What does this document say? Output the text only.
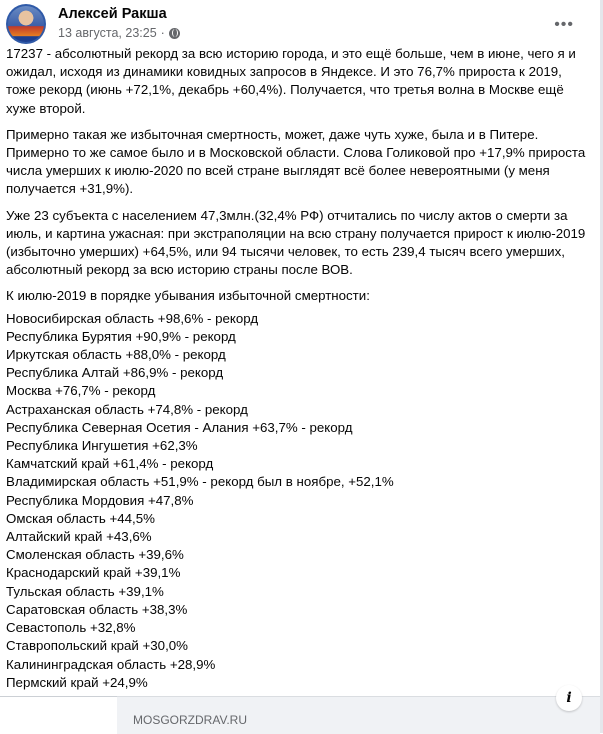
Алексей Ракша
13 августа, 23:25 ·	•••

17237 - абсолютный рекорд за всю историю города, и это ещё больше, чем в июне, чего я и ожидал, исходя из динамики ковидных запросов в Яндексе. И это 76,7% прироста к 2019, тоже рекорд (июнь +72,1%, декабрь +60,4%). Получается, что третья волна в Москве ещё хуже второй.

Примерно такая же избыточная смертность, может, даже чуть хуже, была и в Питере. Примерно то же самое было и в Московской области. Слова Голиковой про +17,9% прироста числа умерших к июлю-2020 по всей стране выглядят всё более невероятными (у меня получается +31,9%).

Уже 23 субъекта с населением 47,3млн.(32,4% РФ) отчитались по числу актов о смерти за июль, и картина ужасная: при экстраполяции на всю страну получается прирост к июлю-2019 (избыточно умерших) +64,5%, или 94 тысячи человек, то есть 239,4 тысяч всего умерших, абсолютный рекорд за всю историю страны после ВОВ.

К июлю-2019 в порядке убывания избыточной смертности:

Новосибирская область +98,6% - рекорд
Республика Бурятия +90,9% - рекорд
Иркутская область +88,0% - рекорд
Республика Алтай +86,9% - рекорд
Москва +76,7% - рекорд
Астраханская область +74,8% - рекорд
Республика Северная Осетия - Алания +63,7% - рекорд
Республика Ингушетия +62,3%
Камчатский край +61,4% - рекорд
Владимирская область +51,9% - рекорд был в ноябре, +52,1%
Республика Мордовия +47,8%
Омская область +44,5%
Алтайский край +43,6%
Смоленская область +39,6%
Краснодарский край +39,1%
Тульская область +39,1%
Саратовская область +38,3%
Севастополь +32,8%
Ставропольский край +30,0%
Калининградская область +28,9%
Пермский край +24,9%
i
MOSGORZDRAV.RU
